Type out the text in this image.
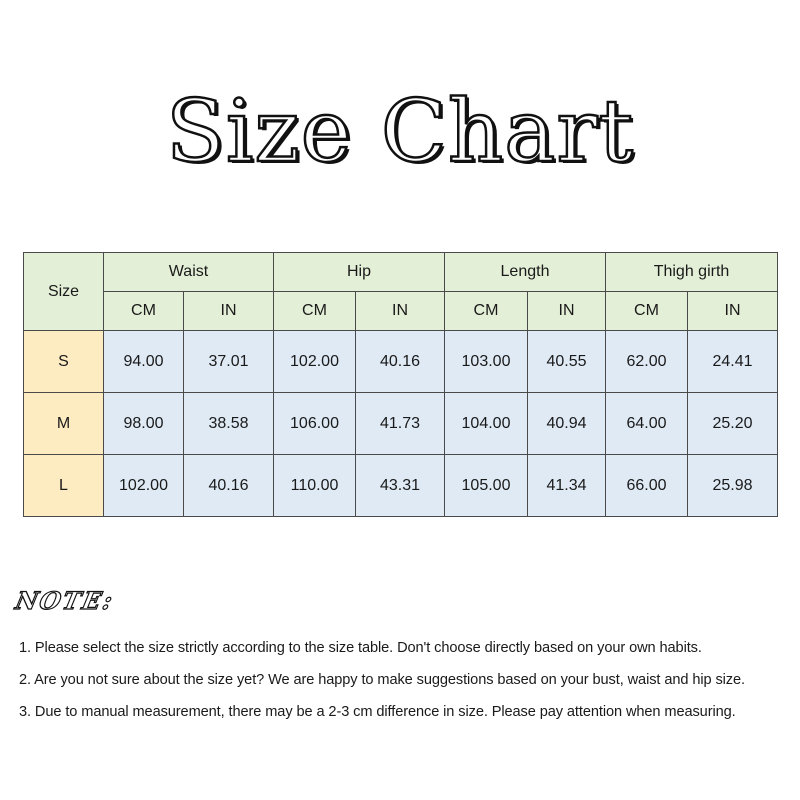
Size Chart
Size	Waist		Hip		Length		Thigh girth	
	CM	IN	CM	IN	CM	IN	CM	IN
S	94.00	37.01	102.00	40.16	103.00	40.55	62.00	24.41
M	98.00	38.58	106.00	41.73	104.00	40.94	64.00	25.20
L	102.00	40.16	110.00	43.31	105.00	41.34	66.00	25.98
NOTE:
1. Please select the size strictly according to the size table. Don't choose directly based on your own habits.
2. Are you not sure about the size yet? We are happy to make suggestions based on your bust, waist and hip size.
3. Due to manual measurement, there may be a 2-3 cm difference in size. Please pay attention when measuring.
